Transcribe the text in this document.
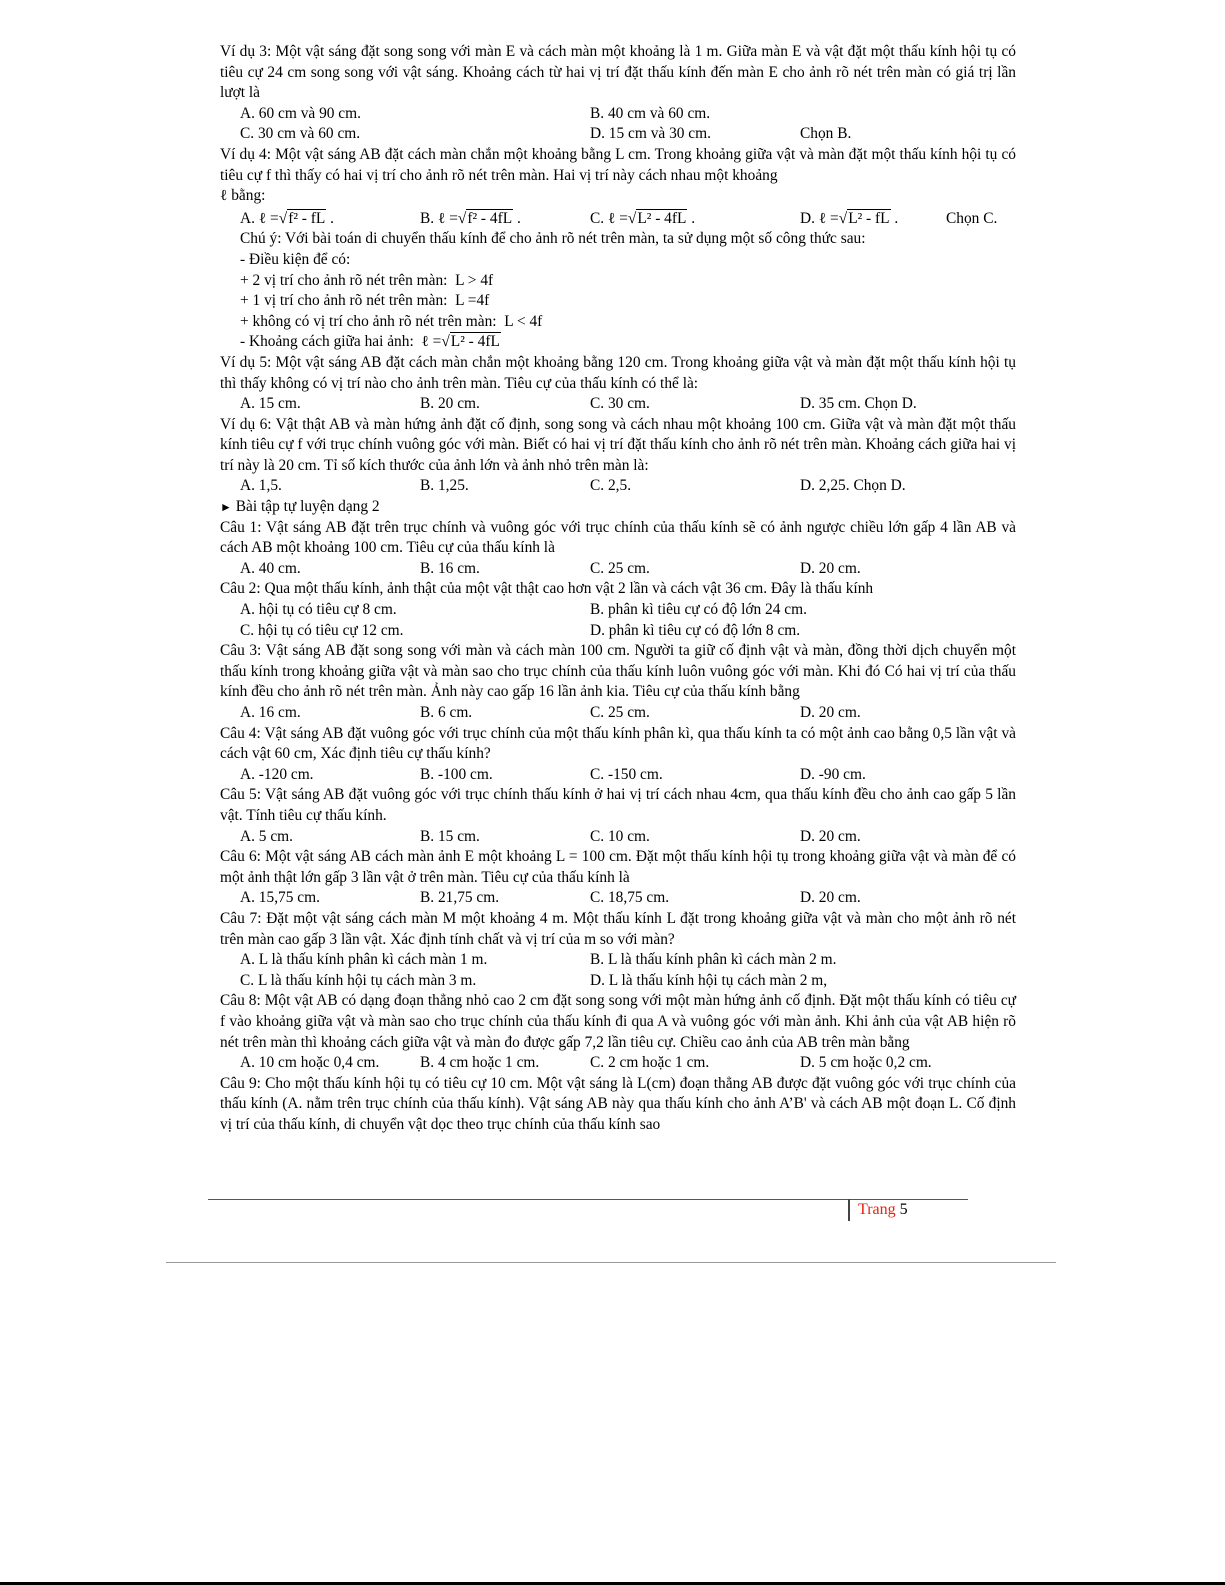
Ví dụ 3: Một vật sáng đặt song song với màn E và cách màn một khoảng là 1 m. Giữa màn E và vật đặt một thấu kính hội tụ có tiêu cự 24 cm song song với vật sáng. Khoảng cách từ hai vị trí đặt thấu kính đến màn E cho ảnh rõ nét trên màn có giá trị lần lượt là
A. 60 cm và 90 cm.	B. 40 cm và 60 cm.
C. 30 cm và 60 cm.	D. 15 cm và 30 cm.	Chọn B.
Ví dụ 4: Một vật sáng AB đặt cách màn chắn một khoảng bằng L cm. Trong khoảng giữa vật và màn đặt một thấu kính hội tụ có tiêu cự f thì thấy có hai vị trí cho ảnh rõ nét trên màn. Hai vị trí này cách nhau một khoảng
ℓ bằng:
A. ℓ =√f² - fL .	B. ℓ =√f² - 4fL .	C. ℓ =√L² - 4fL .	D. ℓ =√L² - fL .	Chọn C.
Chú ý: Với bài toán di chuyển thấu kính để cho ảnh rõ nét trên màn, ta sử dụng một số công thức sau:
- Điều kiện để có:
+ 2 vị trí cho ảnh rõ nét trên màn: L > 4f
+ 1 vị trí cho ảnh rõ nét trên màn: L =4f
+ không có vị trí cho ảnh rõ nét trên màn: L < 4f
- Khoảng cách giữa hai ảnh: ℓ =√L² - 4fL
Ví dụ 5: Một vật sáng AB đặt cách màn chắn một khoảng bằng 120 cm. Trong khoảng giữa vật và màn đặt một thấu kính hội tụ thì thấy không có vị trí nào cho ảnh trên màn. Tiêu cự của thấu kính có thể là:
A. 15 cm.	B. 20 cm.	C. 30 cm.	D. 35 cm. Chọn D.
Ví dụ 6: Vật thật AB và màn hứng ảnh đặt cố định, song song và cách nhau một khoảng 100 cm. Giữa vật và màn đặt một thấu kính tiêu cự f với trục chính vuông góc với màn. Biết có hai vị trí đặt thấu kính cho ảnh rõ nét trên màn. Khoảng cách giữa hai vị trí này là 20 cm. Tỉ số kích thước của ảnh lớn và ảnh nhỏ trên màn là:
A. 1,5.	B. 1,25.	C. 2,5.	D. 2,25. Chọn D.
► Bài tập tự luyện dạng 2
Câu 1: Vật sáng AB đặt trên trục chính và vuông góc với trục chính của thấu kính sẽ có ảnh ngược chiều lớn gấp 4 lần AB và cách AB một khoảng 100 cm. Tiêu cự của thấu kính là
A. 40 cm.	B. 16 cm.	C. 25 cm.	D. 20 cm.
Câu 2: Qua một thấu kính, ảnh thật của một vật thật cao hơn vật 2 lần và cách vật 36 cm. Đây là thấu kính
A. hội tụ có tiêu cự 8 cm.	B. phân kì tiêu cự có độ lớn 24 cm.
C. hội tụ có tiêu cự 12 cm.	D. phân kì tiêu cự có độ lớn 8 cm.
Câu 3: Vật sáng AB đặt song song với màn và cách màn 100 cm. Người ta giữ cố định vật và màn, đồng thời dịch chuyển một thấu kính trong khoảng giữa vật và màn sao cho trục chính của thấu kính luôn vuông góc với màn. Khi đó Có hai vị trí của thấu kính đều cho ảnh rõ nét trên màn. Ảnh này cao gấp 16 lần ảnh kia. Tiêu cự của thấu kính bằng
A. 16 cm.	B. 6 cm.	C. 25 cm.	D. 20 cm.
Câu 4: Vật sáng AB đặt vuông góc với trục chính của một thấu kính phân kì, qua thấu kính ta có một ảnh cao bằng 0,5 lần vật và cách vật 60 cm, Xác định tiêu cự thấu kính?
A. -120 cm.	B. -100 cm.	C. -150 cm.	D. -90 cm.
Câu 5: Vật sáng AB đặt vuông góc với trục chính thấu kính ở hai vị trí cách nhau 4cm, qua thấu kính đều cho ảnh cao gấp 5 lần vật. Tính tiêu cự thấu kính.
A. 5 cm.	B. 15 cm.	C. 10 cm.	D. 20 cm.
Câu 6: Một vật sáng AB cách màn ảnh E một khoảng L = 100 cm. Đặt một thấu kính hội tụ trong khoảng giữa vật và màn để có một ảnh thật lớn gấp 3 lần vật ở trên màn. Tiêu cự của thấu kính là
A. 15,75 cm.	B. 21,75 cm.	C. 18,75 cm.	D. 20 cm.
Câu 7: Đặt một vật sáng cách màn M một khoảng 4 m. Một thấu kính L đặt trong khoảng giữa vật và màn cho một ảnh rõ nét trên màn cao gấp 3 lần vật. Xác định tính chất và vị trí của m so với màn?
A. L là thấu kính phân kì cách màn 1 m.	B. L là thấu kính phân kì cách màn 2 m.
C. L là thấu kính hội tụ cách màn 3 m.	D. L là thấu kính hội tụ cách màn 2 m,
Câu 8: Một vật AB có dạng đoạn thẳng nhỏ cao 2 cm đặt song song với một màn hứng ảnh cố định. Đặt một thấu kính có tiêu cự f vào khoảng giữa vật và màn sao cho trục chính của thấu kính đi qua A và vuông góc với màn ảnh. Khi ảnh của vật AB hiện rõ nét trên màn thì khoảng cách giữa vật và màn đo được gấp 7,2 lần tiêu cự. Chiều cao ảnh của AB trên màn bằng
A. 10 cm hoặc 0,4 cm.	B. 4 cm hoặc 1 cm.	C. 2 cm hoặc 1 cm.	D. 5 cm hoặc 0,2 cm.
Câu 9: Cho một thấu kính hội tụ có tiêu cự 10 cm. Một vật sáng là L(cm) đoạn thẳng AB được đặt vuông góc với trục chính của thấu kính (A. nằm trên trục chính của thấu kính). Vật sáng AB này qua thấu kính cho ảnh A’B' và cách AB một đoạn L. Cố định vị trí của thấu kính, di chuyển vật dọc theo trục chính của thấu kính sao
Trang 5
